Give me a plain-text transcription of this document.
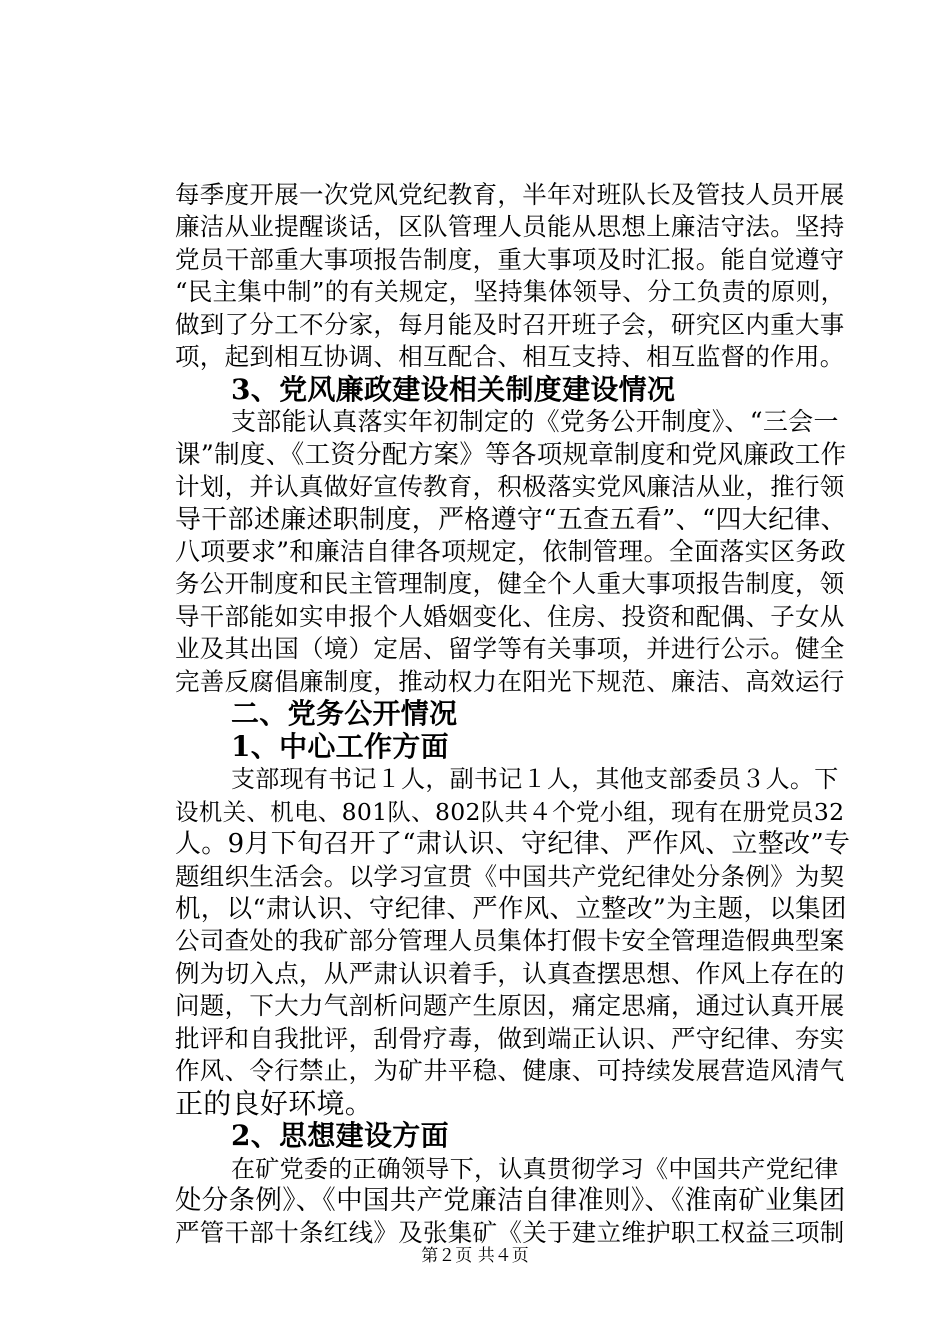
每季度开展一次党风党纪教育，半年对班队长及管技人员开展
廉洁从业提醒谈话，区队管理人员能从思想上廉洁守法。坚持
党员干部重大事项报告制度，重大事项及时汇报。能自觉遵守
“民主集中制”的有关规定，坚持集体领导、分工负责的原则，
做到了分工不分家，每月能及时召开班子会，研究区内重大事
项，起到相互协调、相互配合、相互支持、相互监督的作用。
3、党风廉政建设相关制度建设情况
支部能认真落实年初制定的《党务公开制度》、“三会一
课”制度、《工资分配方案》等各项规章制度和党风廉政工作
计划，并认真做好宣传教育，积极落实党风廉洁从业，推行领
导干部述廉述职制度，严格遵守“五查五看”、“四大纪律、
八项要求”和廉洁自律各项规定，依制管理。全面落实区务政
务公开制度和民主管理制度，健全个人重大事项报告制度，领
导干部能如实申报个人婚姻变化、住房、投资和配偶、子女从
业及其出国（境）定居、留学等有关事项，并进行公示。健全
完善反腐倡廉制度，推动权力在阳光下规范、廉洁、高效运行
二、党务公开情况
1、中心工作方面
支部现有书记１人，副书记１人，其他支部委员３人。下
设机关、机电、801队、802队共４个党小组，现有在册党员32
人。9月下旬召开了“肃认识、守纪律、严作风、立整改”专
题组织生活会。以学习宣贯《中国共产党纪律处分条例》为契
机，以“肃认识、守纪律、严作风、立整改”为主题，以集团
公司查处的我矿部分管理人员集体打假卡安全管理造假典型案
例为切入点，从严肃认识着手，认真查摆思想、作风上存在的
问题，下大力气剖析问题产生原因，痛定思痛，通过认真开展
批评和自我批评，刮骨疗毒，做到端正认识、严守纪律、夯实
作风、令行禁止，为矿井平稳、健康、可持续发展营造风清气
正的良好环境。
2、思想建设方面
在矿党委的正确领导下，认真贯彻学习《中国共产党纪律
处分条例》、《中国共产党廉洁自律准则》、《淮南矿业集团
严管干部十条红线》及张集矿《关于建立维护职工权益三项制
第２页 共４页
